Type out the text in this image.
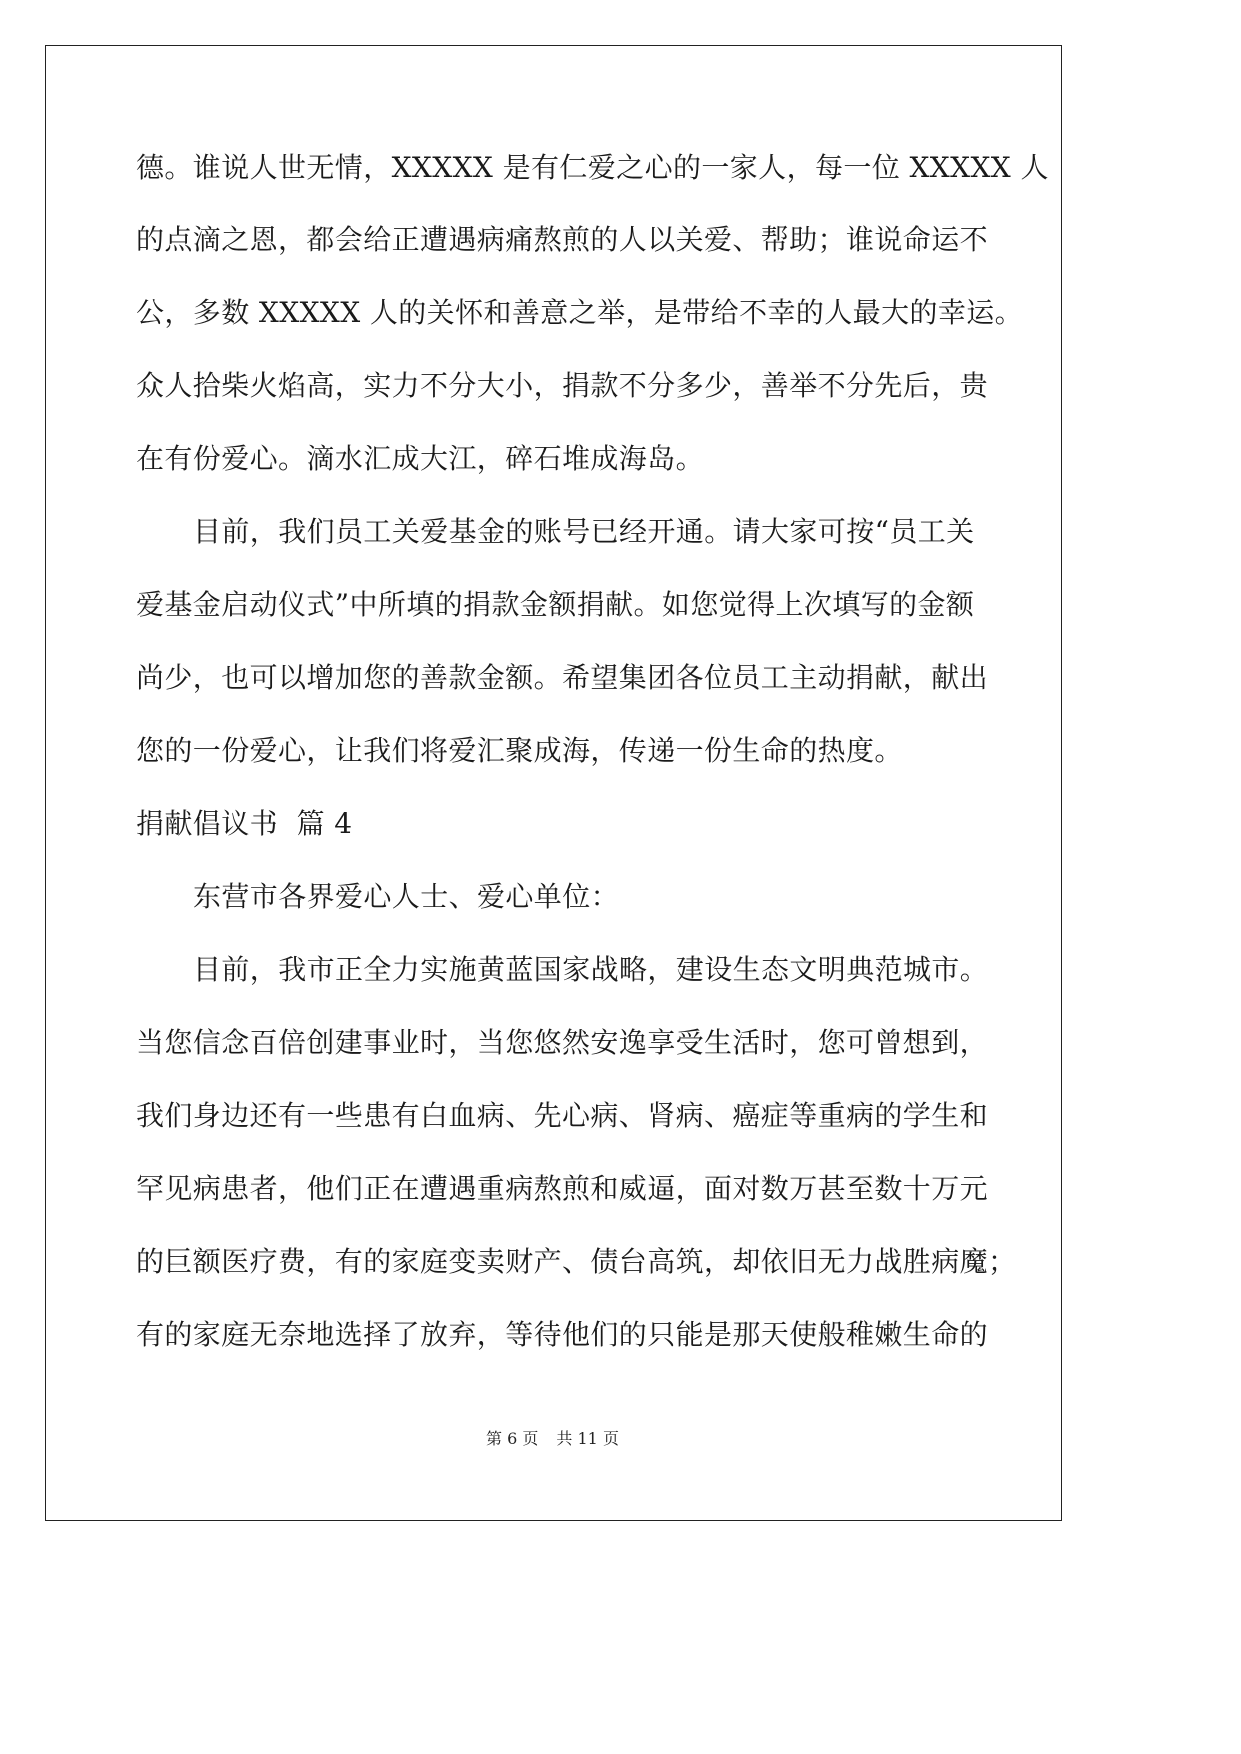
德。谁说人世无情，XXXXX 是有仁爱之心的一家人，每一位 XXXXX 人
的点滴之恩，都会给正遭遇病痛熬煎的人以关爱、帮助；谁说命运不
公，多数 XXXXX 人的关怀和善意之举，是带给不幸的人最大的幸运。
众人拾柴火焰高，实力不分大小，捐款不分多少，善举不分先后，贵
在有份爱心。滴水汇成大江，碎石堆成海岛。
目前，我们员工关爱基金的账号已经开通。请大家可按“员工关
爱基金启动仪式”中所填的捐款金额捐献。如您觉得上次填写的金额
尚少，也可以增加您的善款金额。希望集团各位员工主动捐献，献出
您的一份爱心，让我们将爱汇聚成海，传递一份生命的热度。
捐献倡议书  篇 4
东营市各界爱心人士、爱心单位：
目前，我市正全力实施黄蓝国家战略，建设生态文明典范城市。
当您信念百倍创建事业时，当您悠然安逸享受生活时，您可曾想到，
我们身边还有一些患有白血病、先心病、肾病、癌症等重病的学生和
罕见病患者，他们正在遭遇重病熬煎和威逼，面对数万甚至数十万元
的巨额医疗费，有的家庭变卖财产、债台高筑，却依旧无力战胜病魔；
有的家庭无奈地选择了放弃，等待他们的只能是那天使般稚嫩生命的
第 6 页 共 11 页
